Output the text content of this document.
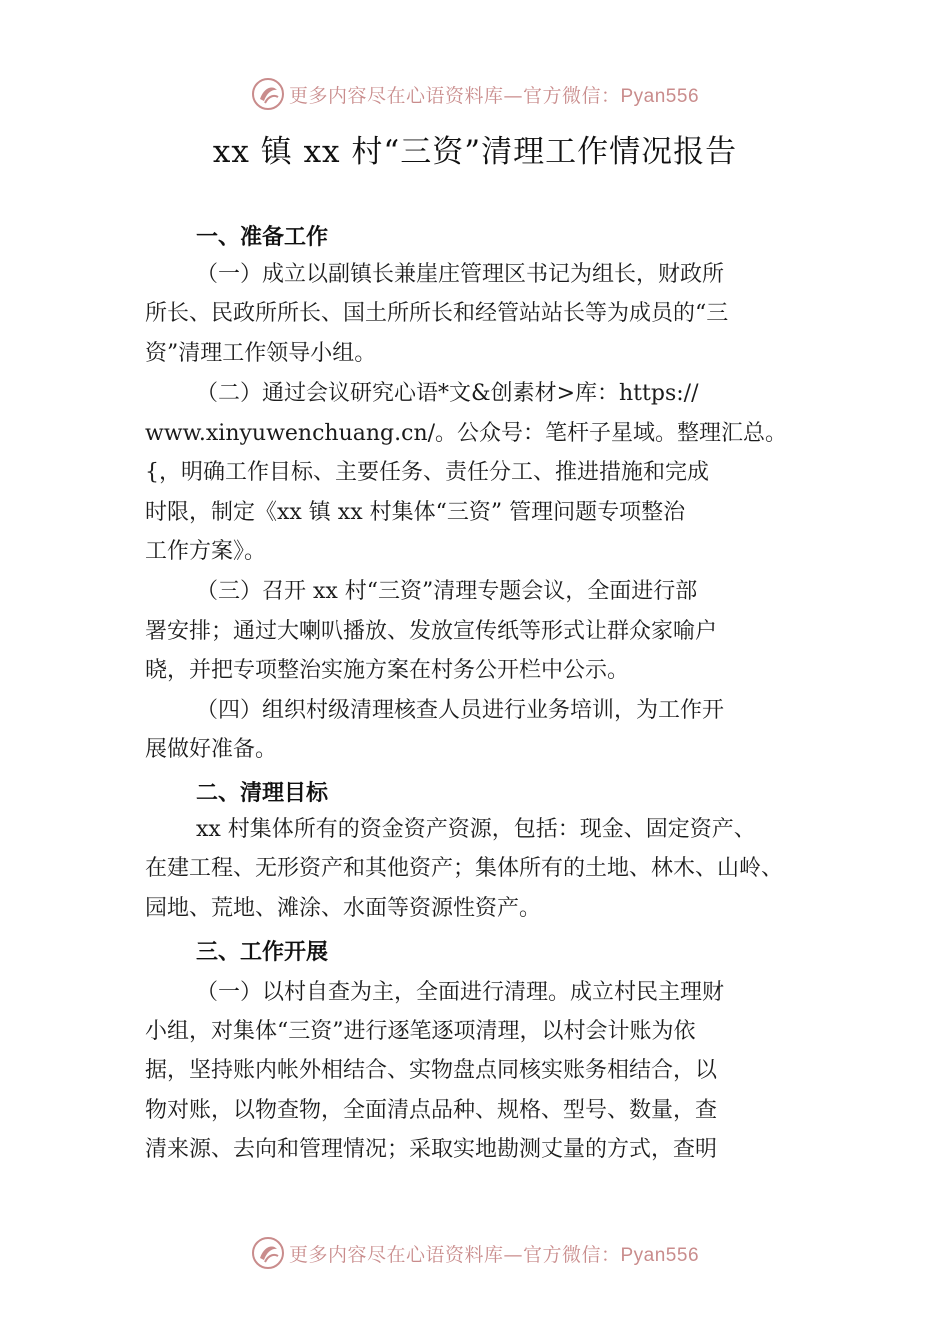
更多内容尽在心语资料库—官方微信：Pyan556
xx 镇 xx 村“三资”清理工作情况报告
一、准备工作
（一）成立以副镇长兼崖庄管理区书记为组长，财政所
所长、民政所所长、国土所所长和经管站站长等为成员的“三
资”清理工作领导小组。
（二）通过会议研究心语*文&创素材>库：https://
www.xinyuwenchuang.cn/。公众号：笔杆子星域。整理汇总。
{，明确工作目标、主要任务、责任分工、推进措施和完成
时限，制定《xx 镇 xx 村集体“三资” 管理问题专项整治
工作方案》。
（三）召开 xx 村“三资”清理专题会议，全面进行部
署安排；通过大喇叭播放、发放宣传纸等形式让群众家喻户
晓，并把专项整治实施方案在村务公开栏中公示。
（四）组织村级清理核查人员进行业务培训，为工作开
展做好准备。
二、清理目标
xx 村集体所有的资金资产资源，包括：现金、固定资产、
在建工程、无形资产和其他资产；集体所有的土地、林木、山岭、
园地、荒地、滩涂、水面等资源性资产。
三、工作开展
（一）以村自查为主，全面进行清理。成立村民主理财
小组，对集体“三资”进行逐笔逐项清理，以村会计账为依
据，坚持账内帐外相结合、实物盘点同核实账务相结合，以
物对账，以物查物，全面清点品种、规格、型号、数量，查
清来源、去向和管理情况；采取实地勘测丈量的方式，查明
更多内容尽在心语资料库—官方微信：Pyan556
